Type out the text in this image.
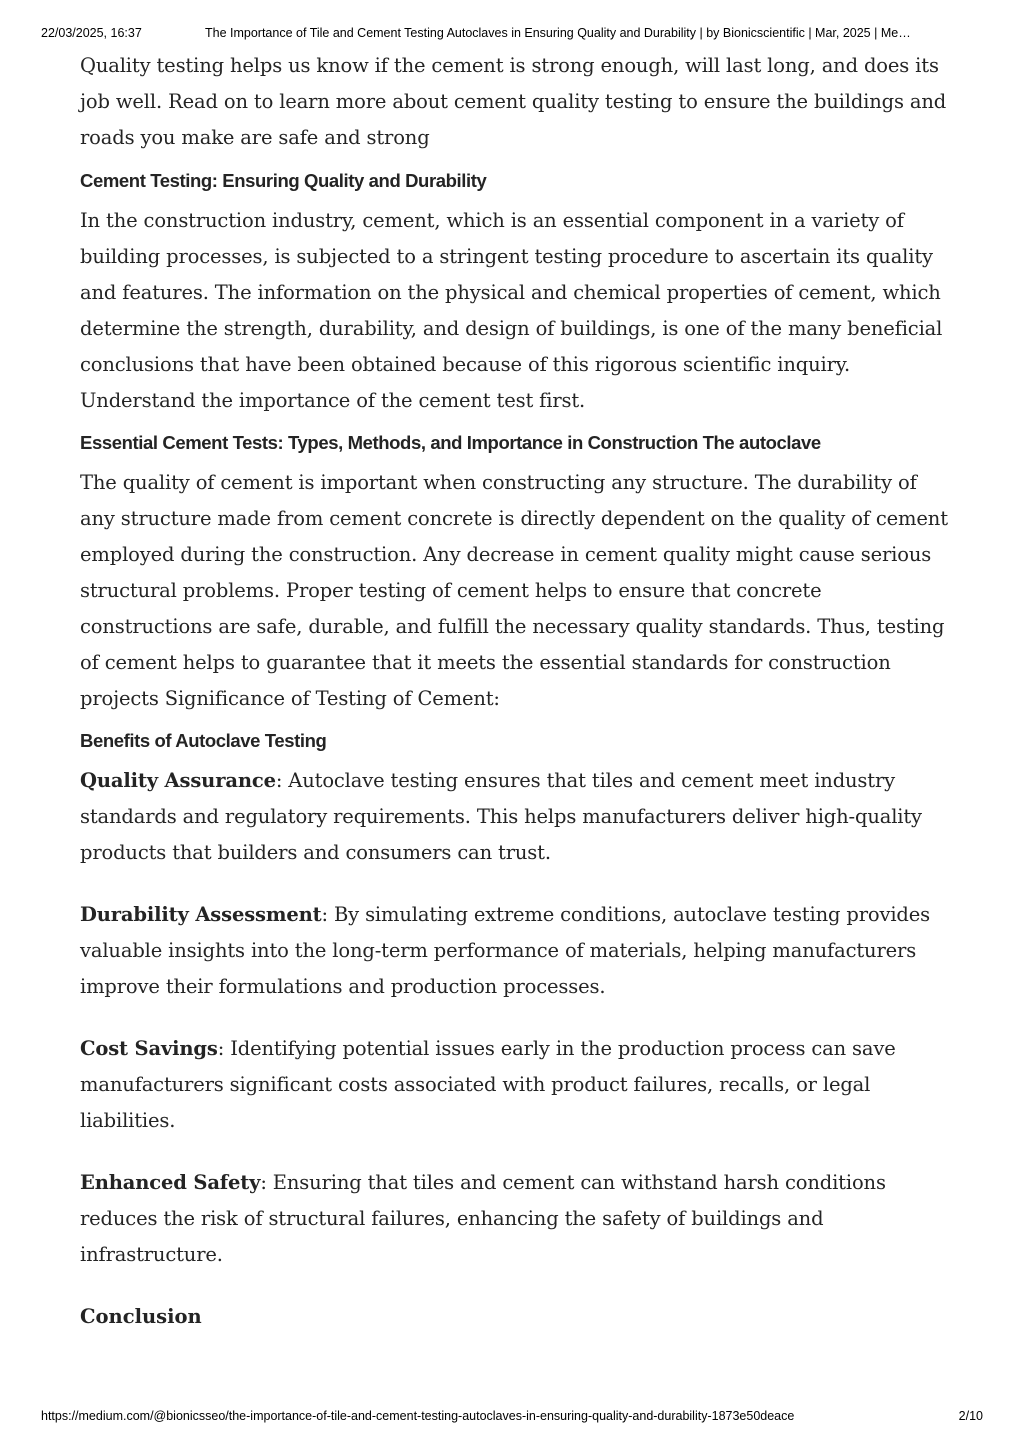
22/03/2025, 16:37	The Importance of Tile and Cement Testing Autoclaves in Ensuring Quality and Durability | by Bionicscientific | Mar, 2025 | Me…

Quality testing helps us know if the cement is strong enough, will last long, and does its job well. Read on to learn more about cement quality testing to ensure the buildings and roads you make are safe and strong

Cement Testing: Ensuring Quality and Durability

In the construction industry, cement, which is an essential component in a variety of building processes, is subjected to a stringent testing procedure to ascertain its quality and features. The information on the physical and chemical properties of cement, which determine the strength, durability, and design of buildings, is one of the many beneficial conclusions that have been obtained because of this rigorous scientific inquiry. Understand the importance of the cement test first.

Essential Cement Tests: Types, Methods, and Importance in Construction The autoclave

The quality of cement is important when constructing any structure. The durability of any structure made from cement concrete is directly dependent on the quality of cement employed during the construction. Any decrease in cement quality might cause serious structural problems. Proper testing of cement helps to ensure that concrete constructions are safe, durable, and fulfill the necessary quality standards. Thus, testing of cement helps to guarantee that it meets the essential standards for construction projects Significance of Testing of Cement:

Benefits of Autoclave Testing

Quality Assurance: Autoclave testing ensures that tiles and cement meet industry standards and regulatory requirements. This helps manufacturers deliver high-quality products that builders and consumers can trust.

Durability Assessment: By simulating extreme conditions, autoclave testing provides valuable insights into the long-term performance of materials, helping manufacturers improve their formulations and production processes.

Cost Savings: Identifying potential issues early in the production process can save manufacturers significant costs associated with product failures, recalls, or legal liabilities.

Enhanced Safety: Ensuring that tiles and cement can withstand harsh conditions reduces the risk of structural failures, enhancing the safety of buildings and infrastructure.

Conclusion
https://medium.com/@bionicsseo/the-importance-of-tile-and-cement-testing-autoclaves-in-ensuring-quality-and-durability-1873e50deace	2/10
